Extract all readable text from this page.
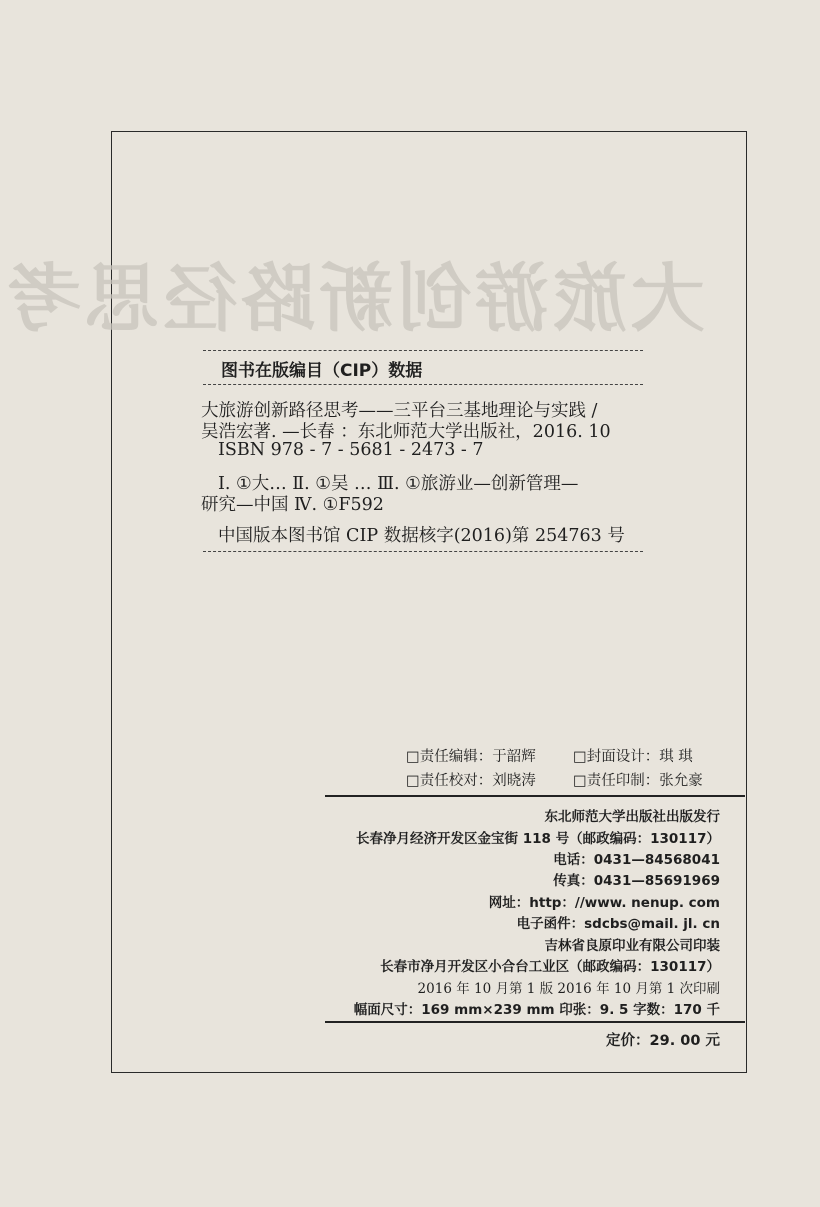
大旅游创新路径思考
图书在版编目（CIP）数据
大旅游创新路径思考——三平台三基地理论与实践 /
吴浩宏著. —长春 ：东北师范大学出版社，2016. 10
ISBN 978 - 7 - 5681 - 2473 - 7
Ⅰ. ①大… Ⅱ. ①吴 … Ⅲ. ①旅游业—创新管理—
研究—中国 Ⅳ. ①F592
中国版本图书馆 CIP 数据核字(2016)第 254763 号
□责任编辑：于韶辉	□封面设计：琪 琪
□责任校对：刘晓涛	□责任印制：张允豪
东北师范大学出版社出版发行
长春净月经济开发区金宝街 118 号（邮政编码：130117）
电话：0431—84568041
传真：0431—85691969
网址：http：//www. nenup. com
电子函件：sdcbs@mail. jl. cn
吉林省良原印业有限公司印装
长春市净月开发区小合台工业区（邮政编码：130117）
2016 年 10 月第 1 版 2016 年 10 月第 1 次印刷
幅面尺寸：169 mm×239 mm 印张：9. 5 字数：170 千
定价：29. 00 元
